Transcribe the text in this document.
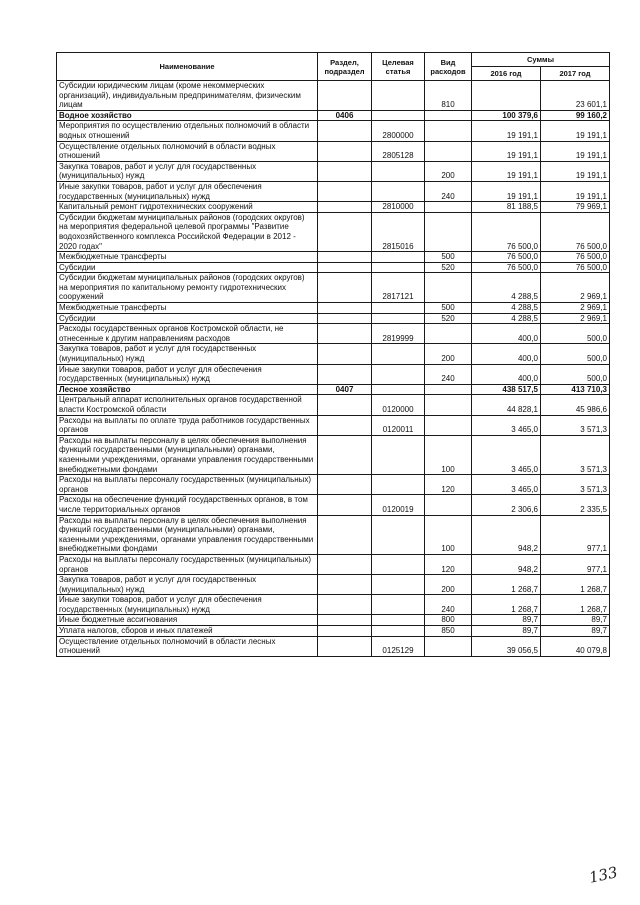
Наименование	Раздел, подраздел	Целевая статья	Вид расходов	Суммы	
				2016 год	2017 год
Субсидии юридическим лицам (кроме некоммерческих организаций), индивидуальным предпринимателям, физическим лицам			810		23 601,1
Водное хозяйство	0406			100 379,6	99 160,2
Мероприятия по осуществлению отдельных полномочий в области водных отношений		2800000		19 191,1	19 191,1
Осуществление отдельных полномочий в области водных отношений		2805128		19 191,1	19 191,1
Закупка товаров, работ и услуг для государственных (муниципальных) нужд			200	19 191,1	19 191,1
Иные закупки товаров, работ и услуг для обеспечения государственных (муниципальных) нужд			240	19 191,1	19 191,1
Капитальный ремонт гидротехнических сооружений		2810000		81 188,5	79 969,1
Субсидии бюджетам муниципальных районов (городских округов) на мероприятия федеральной целевой программы "Развитие водохозяйственного комплекса Российской Федерации в 2012 - 2020 годах"		2815016		76 500,0	76 500,0
Межбюджетные трансферты			500	76 500,0	76 500,0
Субсидии			520	76 500,0	76 500,0
Субсидии бюджетам муниципальных районов (городских округов) на мероприятия по капитальному ремонту гидротехнических сооружений		2817121		4 288,5	2 969,1
Межбюджетные трансферты			500	4 288,5	2 969,1
Субсидии			520	4 288,5	2 969,1
Расходы государственных органов Костромской области, не отнесенные к другим направлениям расходов		2819999		400,0	500,0
Закупка товаров, работ и услуг для государственных (муниципальных) нужд			200	400,0	500,0
Иные закупки товаров, работ и услуг для обеспечения государственных (муниципальных) нужд			240	400,0	500,0
Лесное хозяйство	0407			438 517,5	413 710,3
Центральный аппарат исполнительных органов государственной власти Костромской области		0120000		44 828,1	45 986,6
Расходы на выплаты по оплате труда работников государственных органов		0120011		3 465,0	3 571,3
Расходы на выплаты персоналу в целях обеспечения выполнения функций государственными (муниципальными) органами, казенными учреждениями, органами управления государственными внебюджетными фондами			100	3 465,0	3 571,3
Расходы на выплаты персоналу государственных (муниципальных) органов			120	3 465,0	3 571,3
Расходы на обеспечение функций государственных органов, в том числе территориальных органов		0120019		2 306,6	2 335,5
Расходы на выплаты персоналу в целях обеспечения выполнения функций государственными (муниципальными) органами, казенными учреждениями, органами управления государственными внебюджетными фондами			100	948,2	977,1
Расходы на выплаты персоналу государственных (муниципальных) органов			120	948,2	977,1
Закупка товаров, работ и услуг для государственных (муниципальных) нужд			200	1 268,7	1 268,7
Иные закупки товаров, работ и услуг для обеспечения государственных (муниципальных) нужд			240	1 268,7	1 268,7
Иные бюджетные ассигнования			800	89,7	89,7
Уплата налогов, сборов и иных платежей			850	89,7	89,7
Осуществление отдельных полномочий в области лесных отношений		0125129		39 056,5	40 079,8
133
